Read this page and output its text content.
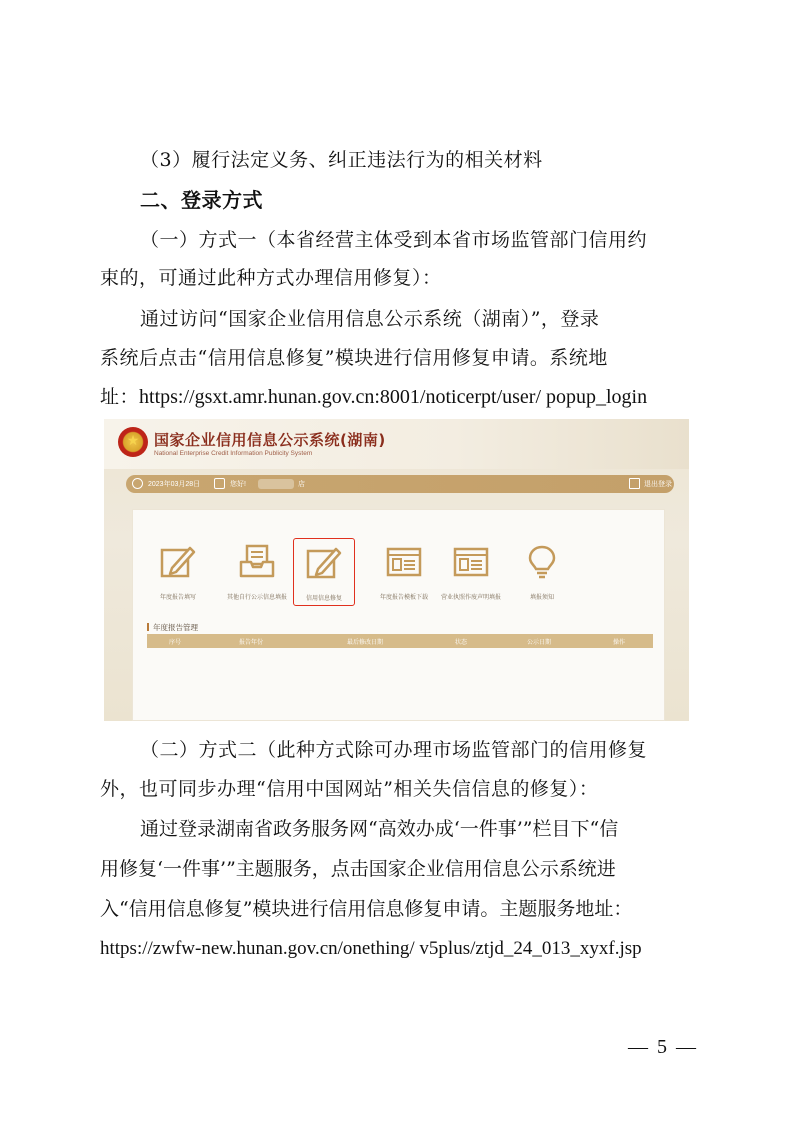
（3）履行法定义务、纠正违法行为的相关材料
二、登录方式
（一）方式一（本省经营主体受到本省市场监管部门信用约
束的，可通过此种方式办理信用修复）：
通过访问“国家企业信用信息公示系统（湖南）”，登录
系统后点击“信用信息修复”模块进行信用修复申请。系统地
址：https://gsxt.amr.hunan.gov.cn:8001/noticerpt/user/ popup_login
★ 国家企业信用信息公示系统(湖南)
National Enterprise Credit Information Publicity System
2023年03月28日	您好!	店	退出登录
年度报告填写	其他自行公示信息填报	信用信息修复	年度报告模板下载	营业执照作废声明填报	填报须知
年度报告管理
序号	报告年份	最后修改日期	状态	公示日期	操作
（二）方式二（此种方式除可办理市场监管部门的信用修复
外，也可同步办理“信用中国网站”相关失信信息的修复）：
通过登录湖南省政务服务网“高效办成‘一件事’”栏目下“信
用修复‘一件事’”主题服务，点击国家企业信用信息公示系统进
入“信用信息修复”模块进行信用信息修复申请。主题服务地址：
https://zwfw-new.hunan.gov.cn/onething/ v5plus/ztjd_24_013_xyxf.jsp
— 5 —
